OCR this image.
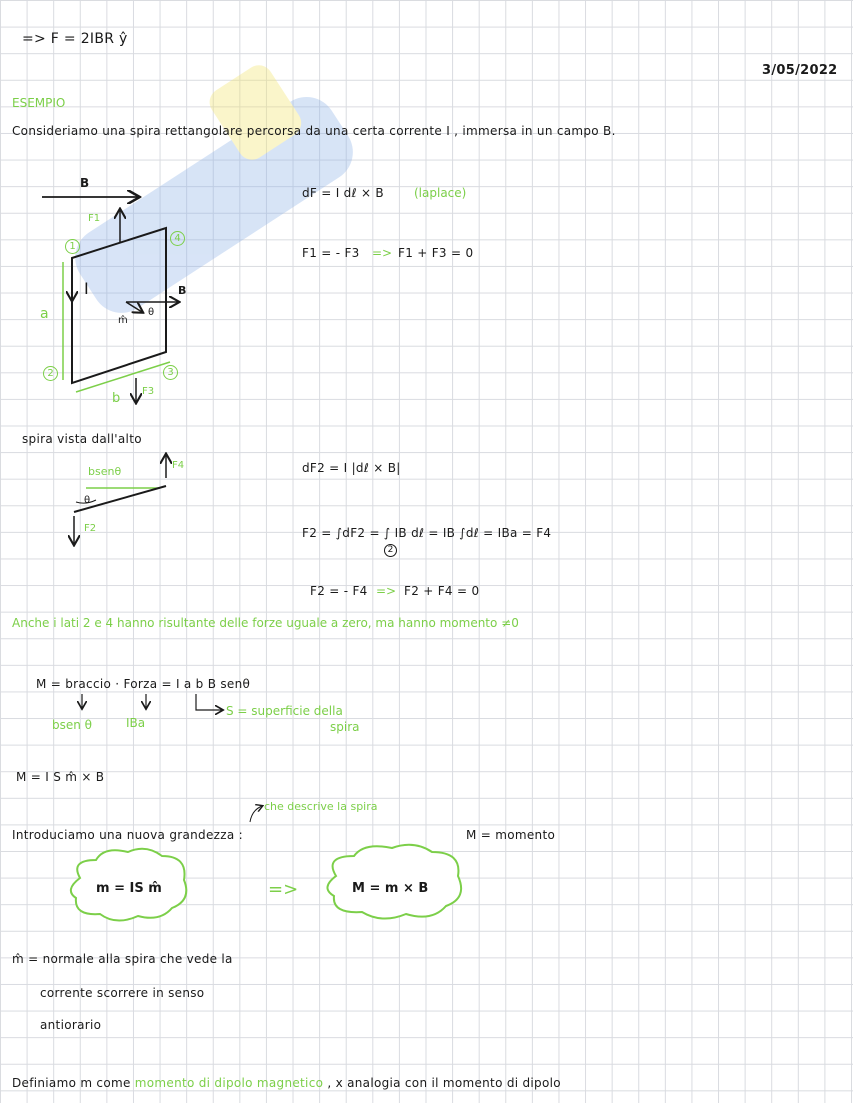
=> F = 2IBR ŷ
3/05/2022
ESEMPIO
Consideriamo una spira rettangolare percorsa da una certa corrente I , immersa in un campo B.
B
F1
1
4
I
a
B
m̂
θ
2	3
b F3
dF = I dℓ × B	(laplace)
F1 = - F3 => F1 + F3 = 0
spira vista dall'alto
bsenθ	F4
θ
F2
dF2 = I |dℓ × B|
F2 = ∫dF2 = ∫ IB dℓ = IB ∫dℓ = IBa = F4
2
F2 = - F4 => F2 + F4 = 0
Anche i lati 2 e 4 hanno risultante delle forze uguale a zero, ma hanno momento ≠0
M = braccio · Forza = I a b B senθ
bsen θ	IBa
S = superficie della
spira
M = I S m̂ × B
che descrive la spira
Introduciamo una nuova grandezza :	M = momento
m = IS m̂	=>	M = m × B
m̂ = normale alla spira che vede la
corrente scorrere in senso
antiorario
Definiamo m come momento di dipolo magnetico , x analogia con il momento di dipolo
